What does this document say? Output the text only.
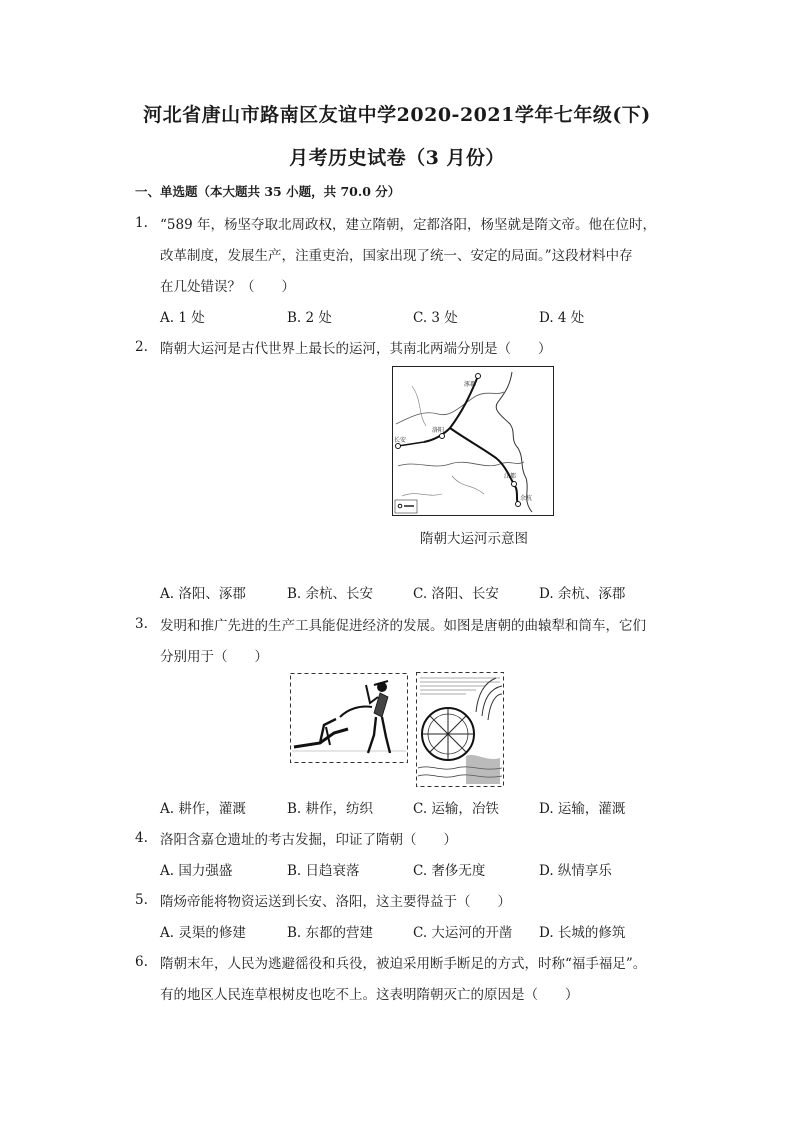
河北省唐山市路南区友谊中学2020-2021学年七年级(下)
月考历史试卷（3 月份）
一、单选题（本大题共 35 小题，共 70.0 分）
1. “589 年，杨坚夺取北周政权，建立隋朝，定都洛阳，杨坚就是隋文帝。他在位时，
改革制度，发展生产，注重吏治，国家出现了统一、安定的局面。”这段材料中存
在几处错误？（　　）
A. 1 处	B. 2 处	C. 3 处	D. 4 处
2. 隋朝大运河是古代世界上最长的运河，其南北两端分别是（　　）
涿郡
长安
洛阳
江都
余杭
隋朝大运河示意图
A. 洛阳、涿郡	B. 余杭、长安	C. 洛阳、长安	D. 余杭、涿郡
3. 发明和推广先进的生产工具能促进经济的发展。如图是唐朝的曲辕犁和筒车，它们
分别用于（　　）
A. 耕作，灌溉	B. 耕作，纺织	C. 运输，冶铁	D. 运输，灌溉
4. 洛阳含嘉仓遗址的考古发掘，印证了隋朝（　　）
A. 国力强盛	B. 日趋衰落	C. 奢侈无度	D. 纵情享乐
5. 隋炀帝能将物资运送到长安、洛阳，这主要得益于（　　）
A. 灵渠的修建	B. 东都的营建	C. 大运河的开凿 D. 长城的修筑
6. 隋朝末年，人民为逃避徭役和兵役，被迫采用断手断足的方式，时称“福手福足”。
有的地区人民连草根树皮也吃不上。这表明隋朝灭亡的原因是（　　）
